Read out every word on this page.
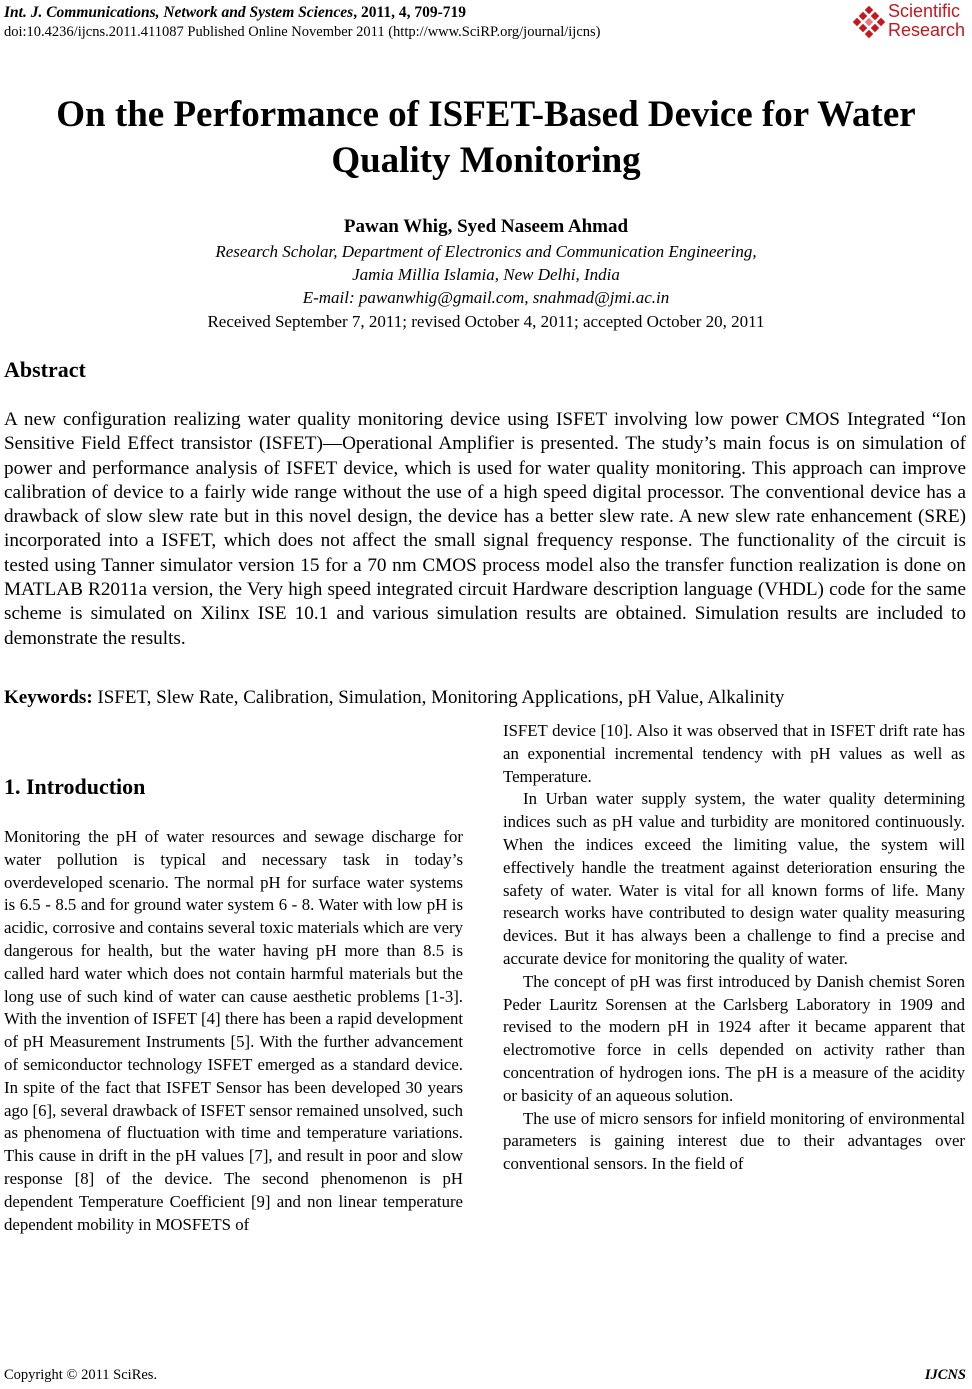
Int. J. Communications, Network and System Sciences, 2011, 4, 709-719
doi:10.4236/ijcns.2011.411087 Published Online November 2011 (http://www.SciRP.org/journal/ijcns)
Scientific
Research
On the Performance of ISFET-Based Device for Water
Quality Monitoring
Pawan Whig, Syed Naseem Ahmad
Research Scholar, Department of Electronics and Communication Engineering,
Jamia Millia Islamia, New Delhi, India
E-mail: pawanwhig@gmail.com, snahmad@jmi.ac.in
Received September 7, 2011; revised October 4, 2011; accepted October 20, 2011
Abstract
A new configuration realizing water quality monitoring device using ISFET involving low power CMOS Integrated “Ion Sensitive Field Effect transistor (ISFET)—Operational Amplifier is presented. The study’s main focus is on simulation of power and performance analysis of ISFET device, which is used for water quality monitoring. This approach can improve calibration of device to a fairly wide range without the use of a high speed digital processor. The conventional device has a drawback of slow slew rate but in this novel design, the device has a better slew rate. A new slew rate enhancement (SRE) incorporated into a ISFET, which does not affect the small signal frequency response. The functionality of the circuit is tested using Tanner simulator version 15 for a 70 nm CMOS process model also the transfer function realization is done on MATLAB R2011a version, the Very high speed integrated circuit Hardware description language (VHDL) code for the same scheme is simulated on Xilinx ISE 10.1 and various simulation results are obtained. Simulation results are included to demonstrate the results.
Keywords: ISFET, Slew Rate, Calibration, Simulation, Monitoring Applications, pH Value, Alkalinity
1. Introduction

Monitoring the pH of water resources and sewage discharge for water pollution is typical and necessary task in today’s overdeveloped scenario. The normal pH for surface water systems is 6.5 - 8.5 and for ground water system 6 - 8. Water with low pH is acidic, corrosive and contains several toxic materials which are very dangerous for health, but the water having pH more than 8.5 is called hard water which does not contain harmful materials but the long use of such kind of water can cause aesthetic problems [1-3]. With the invention of ISFET [4] there has been a rapid development of pH Measurement Instruments [5]. With the further advancement of semiconductor technology ISFET emerged as a standard device. In spite of the fact that ISFET Sensor has been developed 30 years ago [6], several drawback of ISFET sensor remained unsolved, such as phenomena of fluctuation with time and temperature variations. This cause in drift in the pH values [7], and result in poor and slow response [8] of the device. The second phenomenon is pH dependent Temperature Coefficient [9] and non linear temperature dependent mobility in MOSFETS of

ISFET device [10]. Also it was observed that in ISFET drift rate has an exponential incremental tendency with pH values as well as Temperature.

In Urban water supply system, the water quality determining indices such as pH value and turbidity are monitored continuously. When the indices exceed the limiting value, the system will effectively handle the treatment against deterioration ensuring the safety of water. Water is vital for all known forms of life. Many research works have contributed to design water quality measuring devices. But it has always been a challenge to find a precise and accurate device for monitoring the quality of water.

The concept of pH was first introduced by Danish chemist Soren Peder Lauritz Sorensen at the Carlsberg Laboratory in 1909 and revised to the modern pH in 1924 after it became apparent that electromotive force in cells depended on activity rather than concentration of hydrogen ions. The pH is a measure of the acidity or basicity of an aqueous solution.

The use of micro sensors for infield monitoring of environmental parameters is gaining interest due to their advantages over conventional sensors. In the field of

Copyright © 2011 SciRes.	IJCNS
